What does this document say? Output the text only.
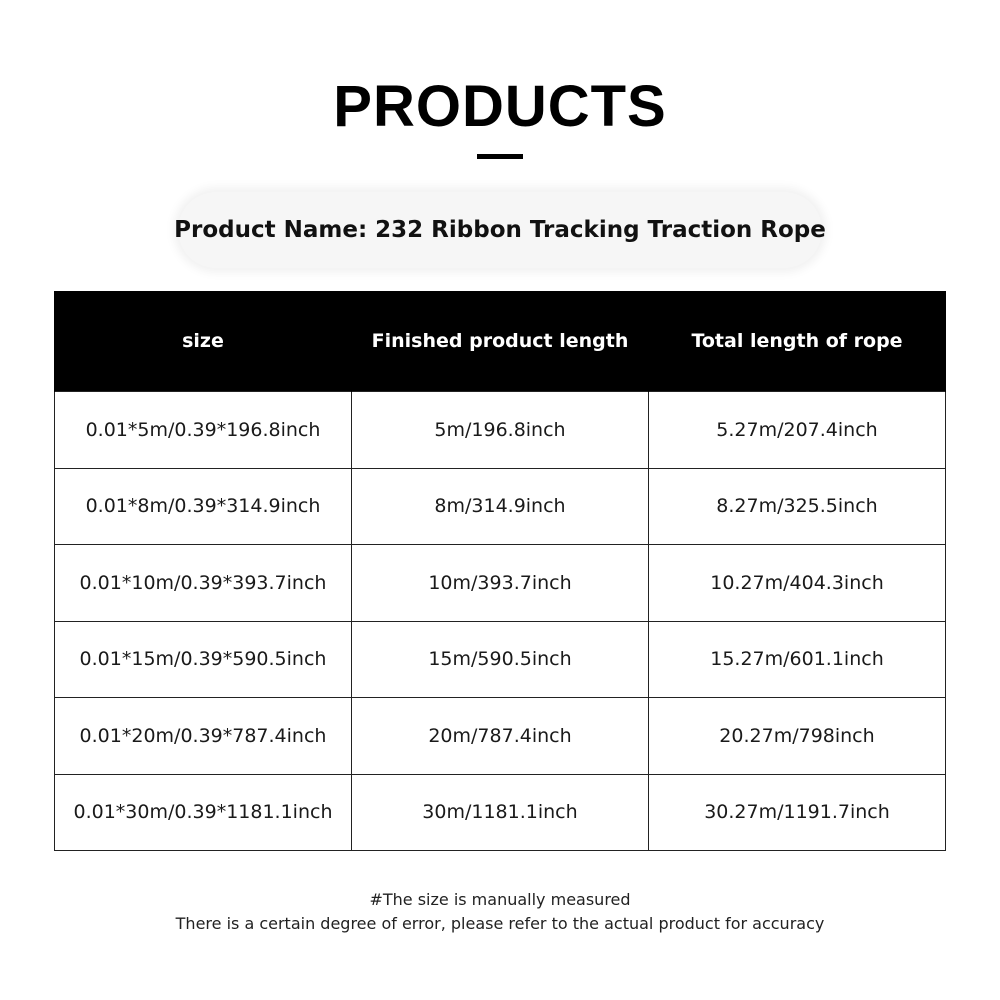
PRODUCTS
Product Name: 232 Ribbon Tracking Traction Rope
size	Finished product length	Total length of rope
0.01*5m/0.39*196.8inch	5m/196.8inch	5.27m/207.4inch
0.01*8m/0.39*314.9inch	8m/314.9inch	8.27m/325.5inch
0.01*10m/0.39*393.7inch	10m/393.7inch	10.27m/404.3inch
0.01*15m/0.39*590.5inch	15m/590.5inch	15.27m/601.1inch
0.01*20m/0.39*787.4inch	20m/787.4inch	20.27m/798inch
0.01*30m/0.39*1181.1inch	30m/1181.1inch	30.27m/1191.7inch
#The size is manually measured
There is a certain degree of error, please refer to the actual product for accuracy
